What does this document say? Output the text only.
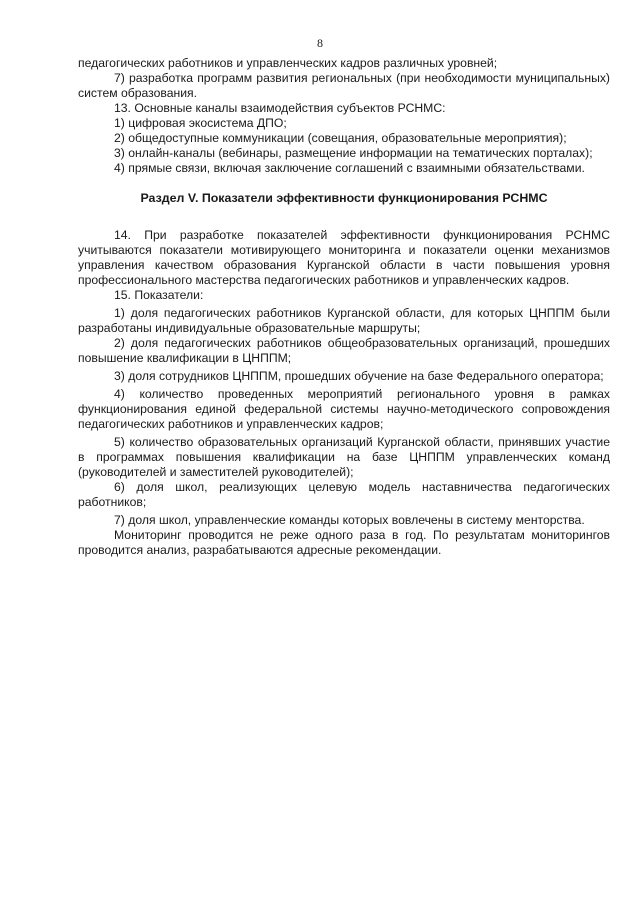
8

педагогических работников и управленческих кадров различных уровней;

7) разработка программ развития региональных (при необходимости муниципальных) систем образования.

13. Основные каналы взаимодействия субъектов РСНМС:

1) цифровая экосистема ДПО;

2) общедоступные коммуникации (совещания, образовательные мероприятия);

3) онлайн-каналы (вебинары, размещение информации на тематических порталах);

4) прямые связи, включая заключение соглашений с взаимными обязательствами.

Раздел V. Показатели эффективности функционирования РСНМС

14. При разработке показателей эффективности функционирования РСНМС учитываются показатели мотивирующего мониторинга и показатели оценки механизмов управления качеством образования Курганской области в части повышения уровня профессионального мастерства педагогических работников и управленческих кадров.

15. Показатели:

1) доля педагогических работников Курганской области, для которых ЦНППМ были разработаны индивидуальные образовательные маршруты;

2) доля педагогических работников общеобразовательных организаций, прошедших повышение квалификации в ЦНППМ;

3) доля сотрудников ЦНППМ, прошедших обучение на базе Федерального оператора;

4) количество проведенных мероприятий регионального уровня в рамках функционирования единой федеральной системы научно-методического сопровождения педагогических работников и управленческих кадров;

5) количество образовательных организаций Курганской области, принявших участие в программах повышения квалификации на базе ЦНППМ управленческих команд (руководителей и заместителей руководителей);

6) доля школ, реализующих целевую модель наставничества педагогических работников;

7) доля школ, управленческие команды которых вовлечены в систему менторства.

Мониторинг проводится не реже одного раза в год. По результатам мониторингов проводится анализ, разрабатываются адресные рекомендации.
